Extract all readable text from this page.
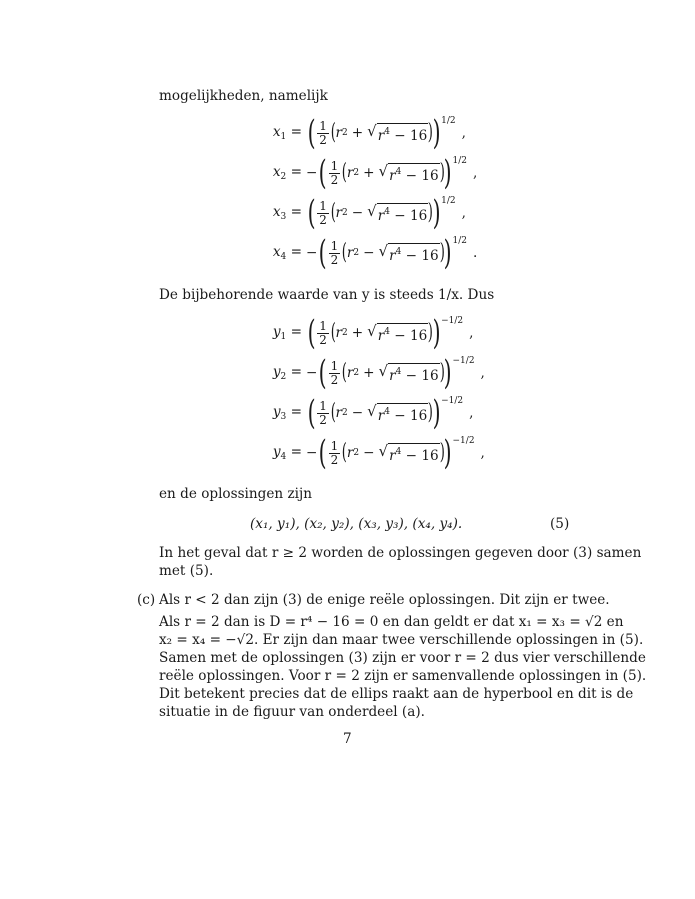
mogelijkheden, namelijk
$x_1$ = ( $\frac{1}{2}$ ( r 2 + √ $r^4 - 16$ ) ) 1/2
,
$x_2$ = − ( $\frac{1}{2}$ ( r 2 + √ $r^4 - 16$ ) ) 1/2
,
$x_3$ = ( $\frac{1}{2}$ ( r 2 − √ $r^4 - 16$ ) ) 1/2
,
$x_4$ = − ( $\frac{1}{2}$ ( r 2 − √ $r^4 - 16$ ) ) 1/2
.
De bijbehorende waarde van y is steeds 1/x. Dus
$y_1$ = ( $\frac{1}{2}$ ( r 2 + √ $r^4 - 16$ ) ) −1/2
,
$y_2$ = − ( $\frac{1}{2}$ ( r 2 + √ $r^4 - 16$ ) ) −1/2
,
$y_3$ = ( $\frac{1}{2}$ ( r 2 − √ $r^4 - 16$ ) ) −1/2
,
$y_4$ = − ( $\frac{1}{2}$ ( r 2 − √ $r^4 - 16$ ) ) −1/2
,
en de oplossingen zijn
(x₁, y₁), (x₂, y₂), (x₃, y₃), (x₄, y₄).	(5)
In het geval dat r ≥ 2 worden de oplossingen gegeven door (3) samen
met (5).
(c) Als r < 2 dan zijn (3) de enige reële oplossingen. Dit zijn er twee.
Als r = 2 dan is D = r⁴ − 16 = 0 en dan geldt er dat x₁ = x₃ = √2 en
x₂ = x₄ = −√2. Er zijn dan maar twee verschillende oplossingen in (5).
Samen met de oplossingen (3) zijn er voor r = 2 dus vier verschillende
reële oplossingen. Voor r = 2 zijn er samenvallende oplossingen in (5).
Dit betekent precies dat de ellips raakt aan de hyperbool en dit is de
situatie in de figuur van onderdeel (a).
7
